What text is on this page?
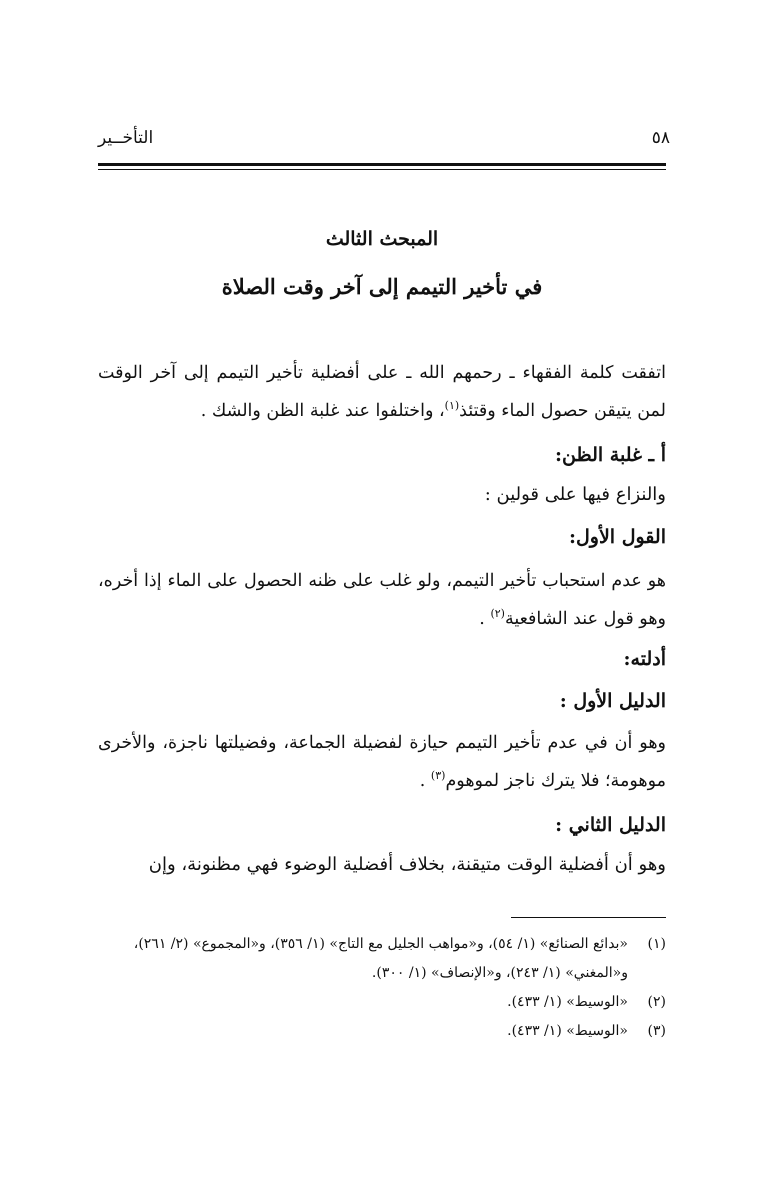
التأخــير	٥٨
المبحث الثالث
في تأخير التيمم إلى آخر وقت الصلاة
اتفقت كلمة الفقهاء ـ رحمهم الله ـ على أفضلية تأخير التيمم إلى آخر الوقت لمن يتيقن حصول الماء وقتئذ$^{(١)}$، واختلفوا عند غلبة الظن والشك .
أ ـ غلبة الظن:
والنزاع فيها على قولين :
القول الأول:
هو عدم استحباب تأخير التيمم، ولو غلب على ظنه الحصول على الماء إذا أخره، وهو قول عند الشافعية$^{(٢)}$ .
أدلته:
الدليل الأول :
وهو أن في عدم تأخير التيمم حيازة لفضيلة الجماعة، وفضيلتها ناجزة، والأخرى موهومة؛ فلا يترك ناجز لموهوم$^{(٣)}$ .
الدليل الثاني :
وهو أن أفضلية الوقت متيقنة، بخلاف أفضلية الوضوء فهي مظنونة، وإن
(١)
«بدائع الصنائع» (١/ ٥٤)، و«مواهب الجليل مع التاج» (١/ ٣٥٦)، و«المجموع» (٢/ ٢٦١)، و«المغني» (١/ ٢٤٣)، و«الإنصاف» (١/ ٣٠٠).
(٢)
«الوسيط» (١/ ٤٣٣).
(٣)
«الوسيط» (١/ ٤٣٣).
